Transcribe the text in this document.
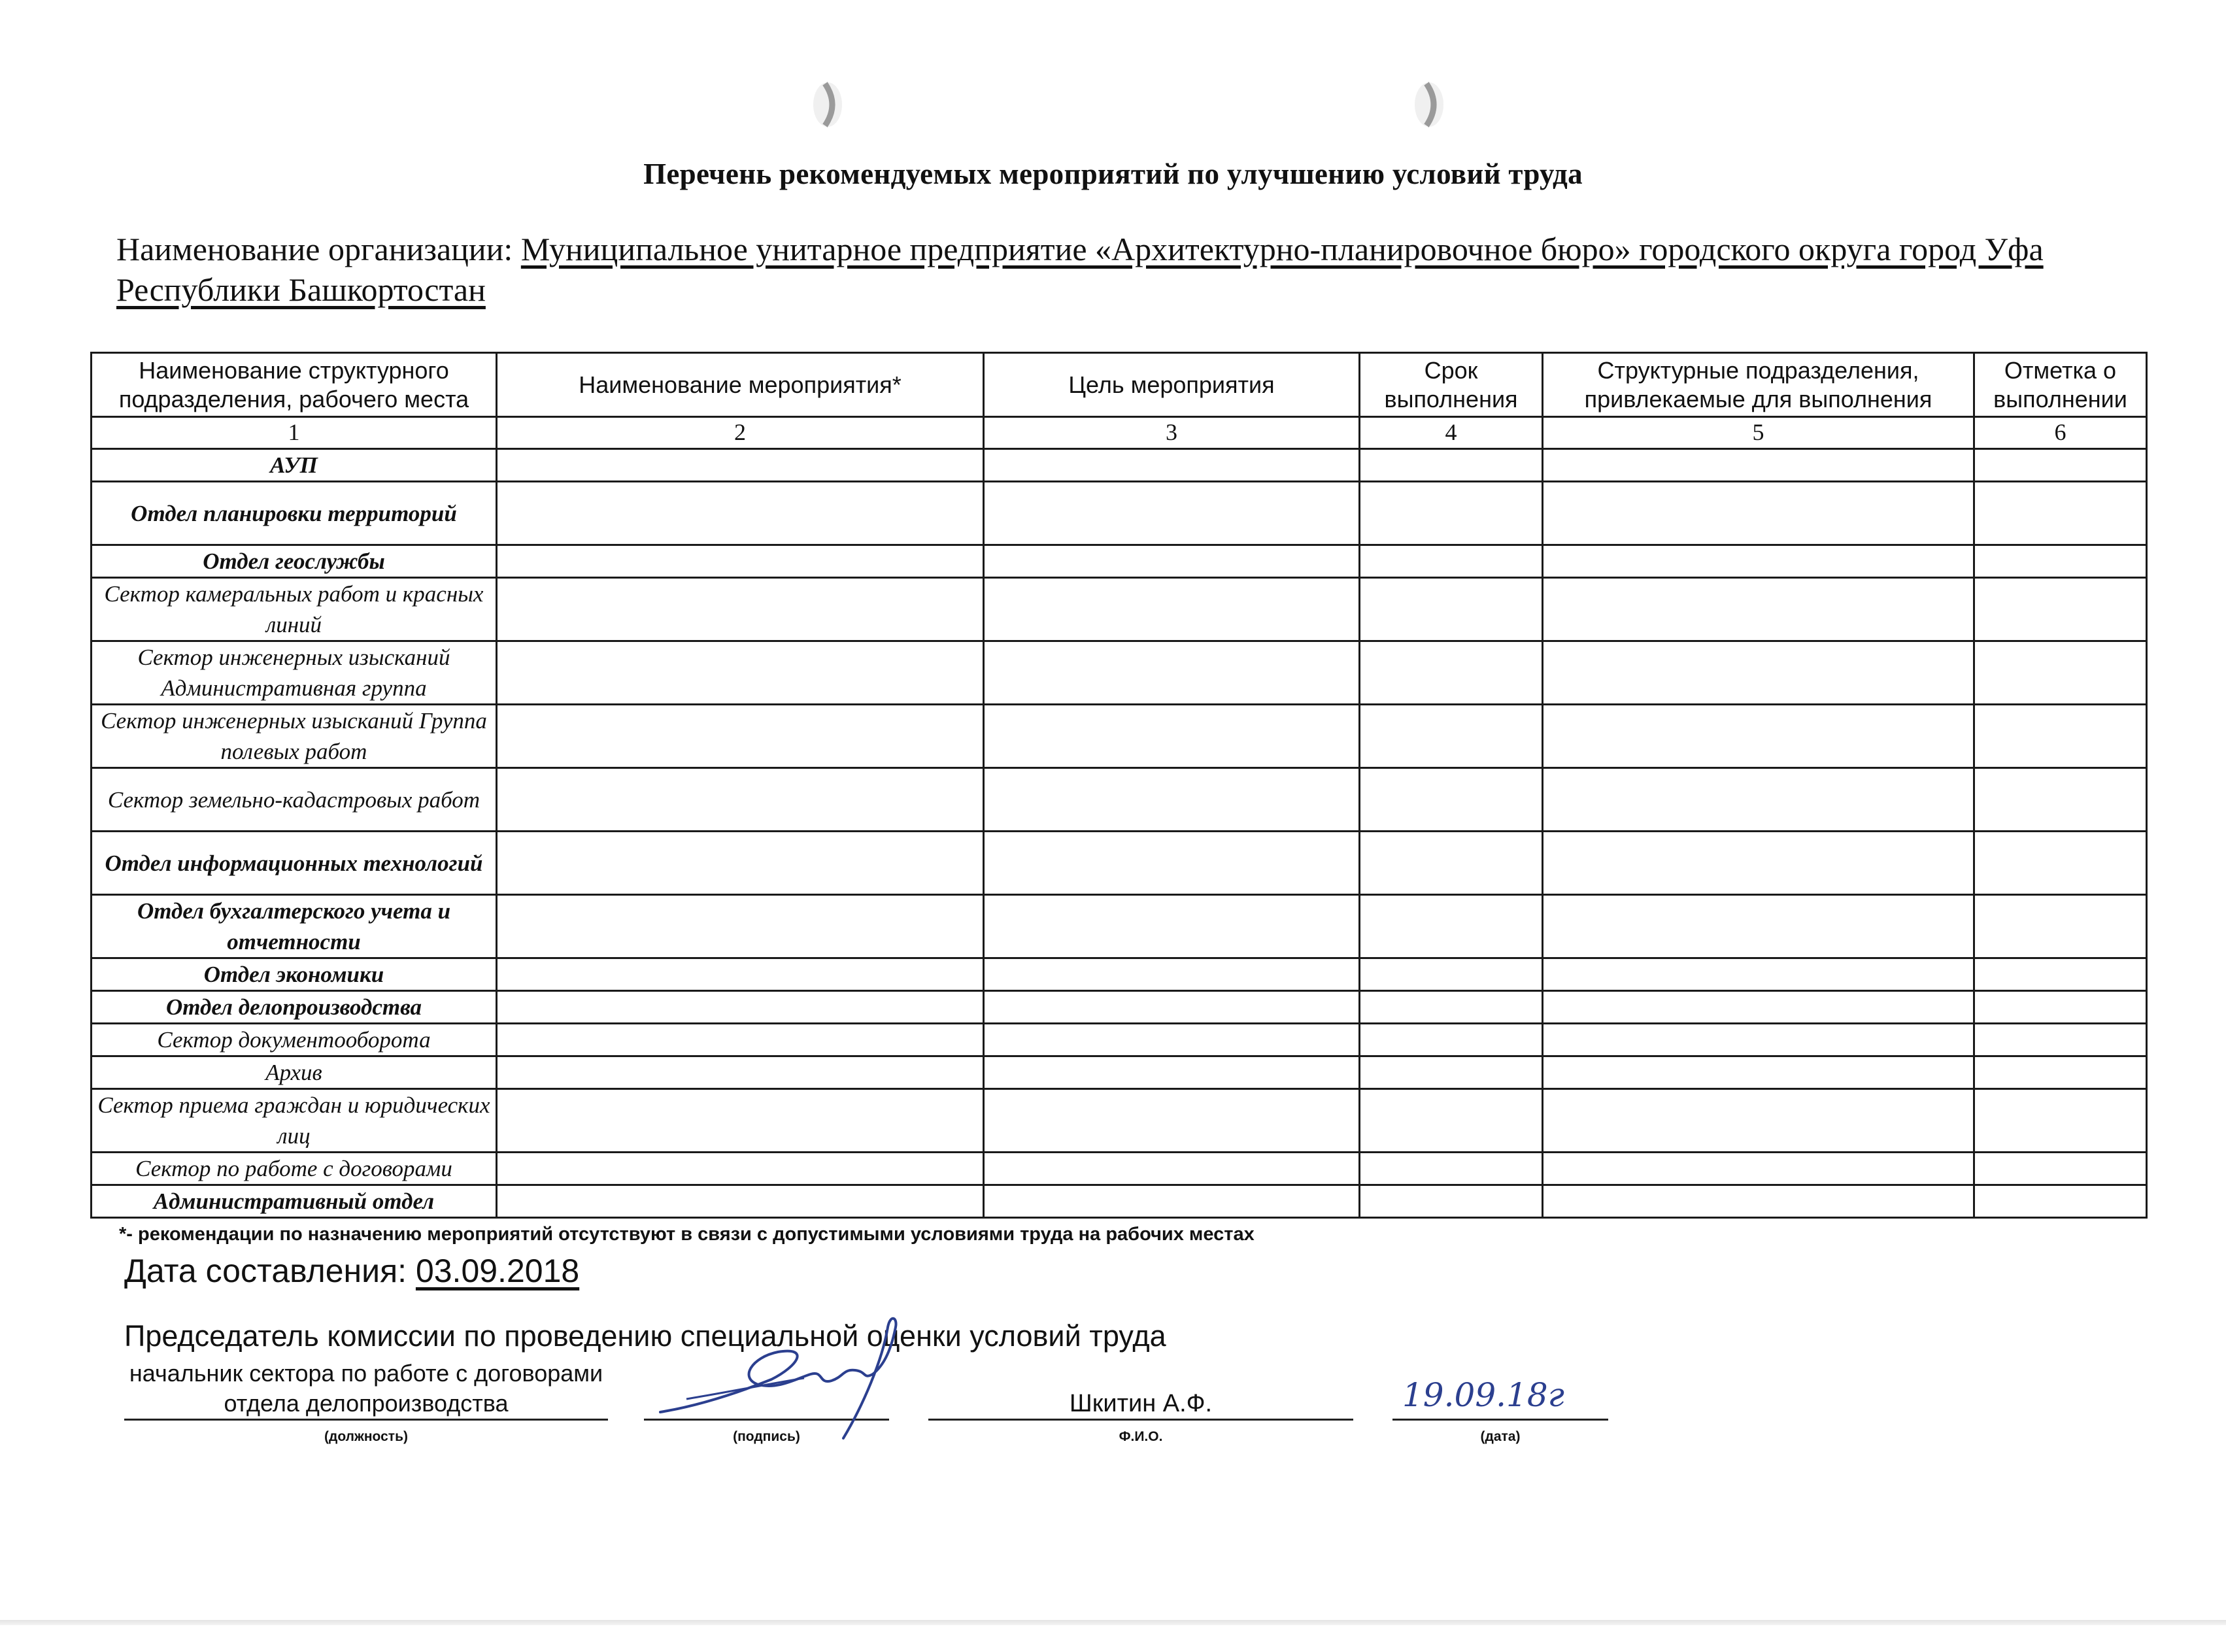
Перечень рекомендуемых мероприятий по улучшению условий труда
Наименование организации: Муниципальное унитарное предприятие «Архитектурно-планировочное бюро» городского округа город Уфа Республики Башкортостан
Наименование структурного подразделения, рабочего места	Наименование мероприятия*	Цель мероприятия	Срок выполнения	Структурные подразделения, привлекаемые для выполнения	Отметка о выполнении
1	2	3	4	5	6
АУП					
Отдел планировки территорий					
Отдел геослужбы					
Сектор камеральных работ и красных линий					
Сектор инженерных изысканий Административная группа					
Сектор инженерных изысканий Группа полевых работ					
Сектор земельно-кадастровых работ					
Отдел информационных технологий					
Отдел бухгалтерского учета и отчетности					
Отдел экономики					
Отдел делопроизводства					
Сектор документооборота					
Архив					
Сектор приема граждан и юридических лиц					
Сектор по работе с договорами					
Административный отдел					
*- рекомендации по назначению мероприятий отсутствуют в связи с допустимыми условиями труда на рабочих местах
Дата составления: 03.09.2018
Председатель комиссии по проведению специальной оценки условий труда
начальник сектора по работе с договорами отдела делопроизводства	Шкитин А.Ф.	19.09.18г
(должность)	(подпись)	Ф.И.О.	(дата)
